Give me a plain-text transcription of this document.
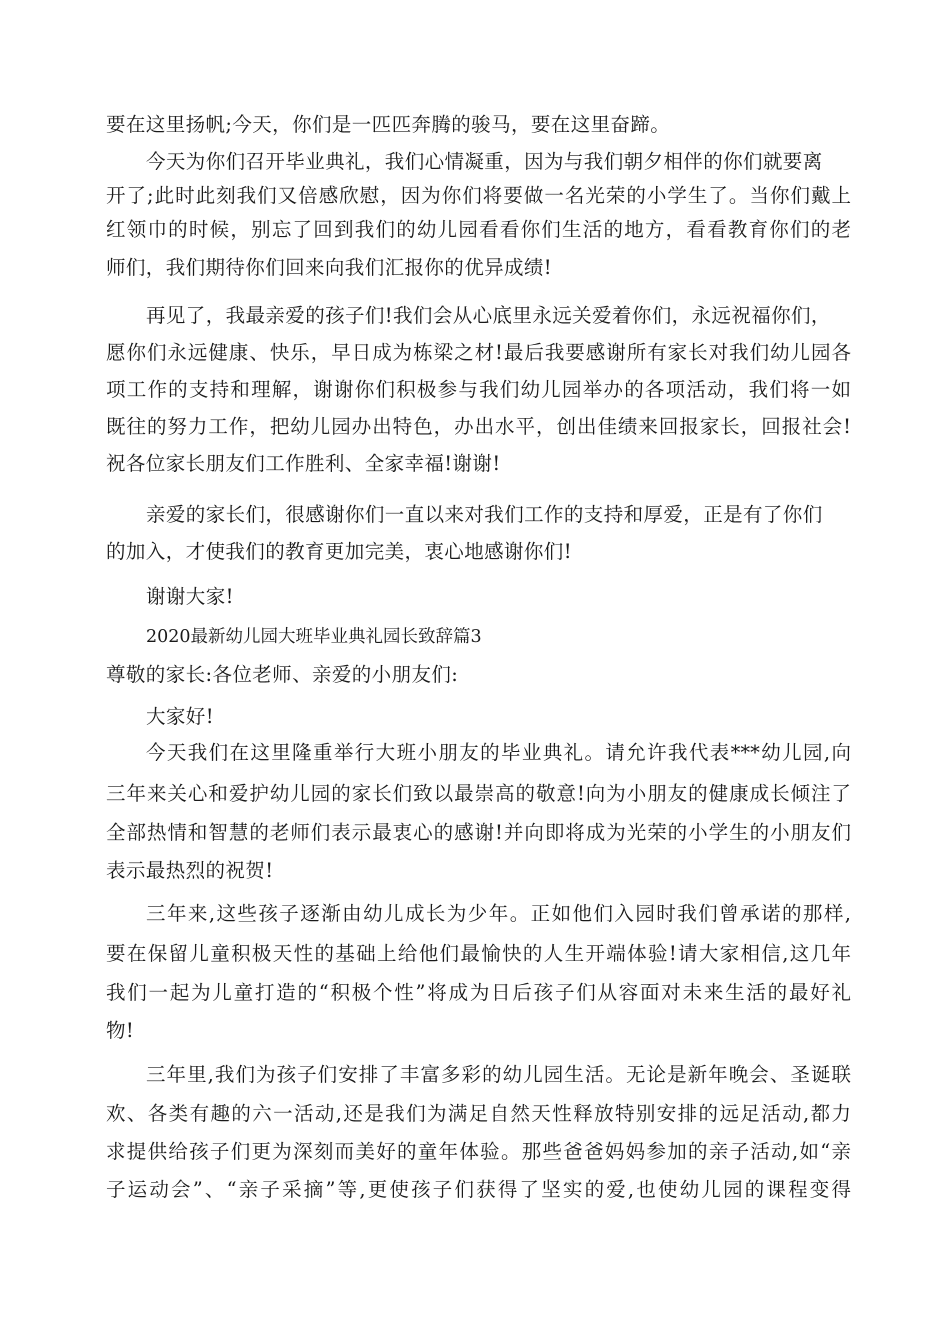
要在这里扬帆;今天，你们是一匹匹奔腾的骏马，要在这里奋蹄。
今天为你们召开毕业典礼，我们心情凝重，因为与我们朝夕相伴的你们就要离
开了;此时此刻我们又倍感欣慰，因为你们将要做一名光荣的小学生了。当你们戴上
红领巾的时候，别忘了回到我们的幼儿园看看你们生活的地方，看看教育你们的老
师们，我们期待你们回来向我们汇报你的优异成绩!
再见了，我最亲爱的孩子们!我们会从心底里永远关爱着你们，永远祝福你们，
愿你们永远健康、快乐，早日成为栋梁之材!最后我要感谢所有家长对我们幼儿园各
项工作的支持和理解，谢谢你们积极参与我们幼儿园举办的各项活动，我们将一如
既往的努力工作，把幼儿园办出特色，办出水平，创出佳绩来回报家长，回报社会!
祝各位家长朋友们工作胜利、全家幸福!谢谢!
亲爱的家长们，很感谢你们一直以来对我们工作的支持和厚爱，正是有了你们
的加入，才使我们的教育更加完美，衷心地感谢你们!
谢谢大家!
2020最新幼儿园大班毕业典礼园长致辞篇3
尊敬的家长:各位老师、亲爱的小朋友们:
大家好!
今天我们在这里隆重举行大班小朋友的毕业典礼。请允许我代表***幼儿园,向
三年来关心和爱护幼儿园的家长们致以最崇高的敬意!向为小朋友的健康成长倾注了
全部热情和智慧的老师们表示最衷心的感谢!并向即将成为光荣的小学生的小朋友们
表示最热烈的祝贺!
三年来,这些孩子逐渐由幼儿成长为少年。正如他们入园时我们曾承诺的那样,
要在保留儿童积极天性的基础上给他们最愉快的人生开端体验!请大家相信,这几年
我们一起为儿童打造的“积极个性”将成为日后孩子们从容面对未来生活的最好礼
物!
三年里,我们为孩子们安排了丰富多彩的幼儿园生活。无论是新年晚会、圣诞联
欢、各类有趣的六一活动,还是我们为满足自然天性释放特别安排的远足活动,都力
求提供给孩子们更为深刻而美好的童年体验。那些爸爸妈妈参加的亲子活动,如“亲
子运动会”、“亲子采摘”等,更使孩子们获得了坚实的爱,也使幼儿园的课程变得
